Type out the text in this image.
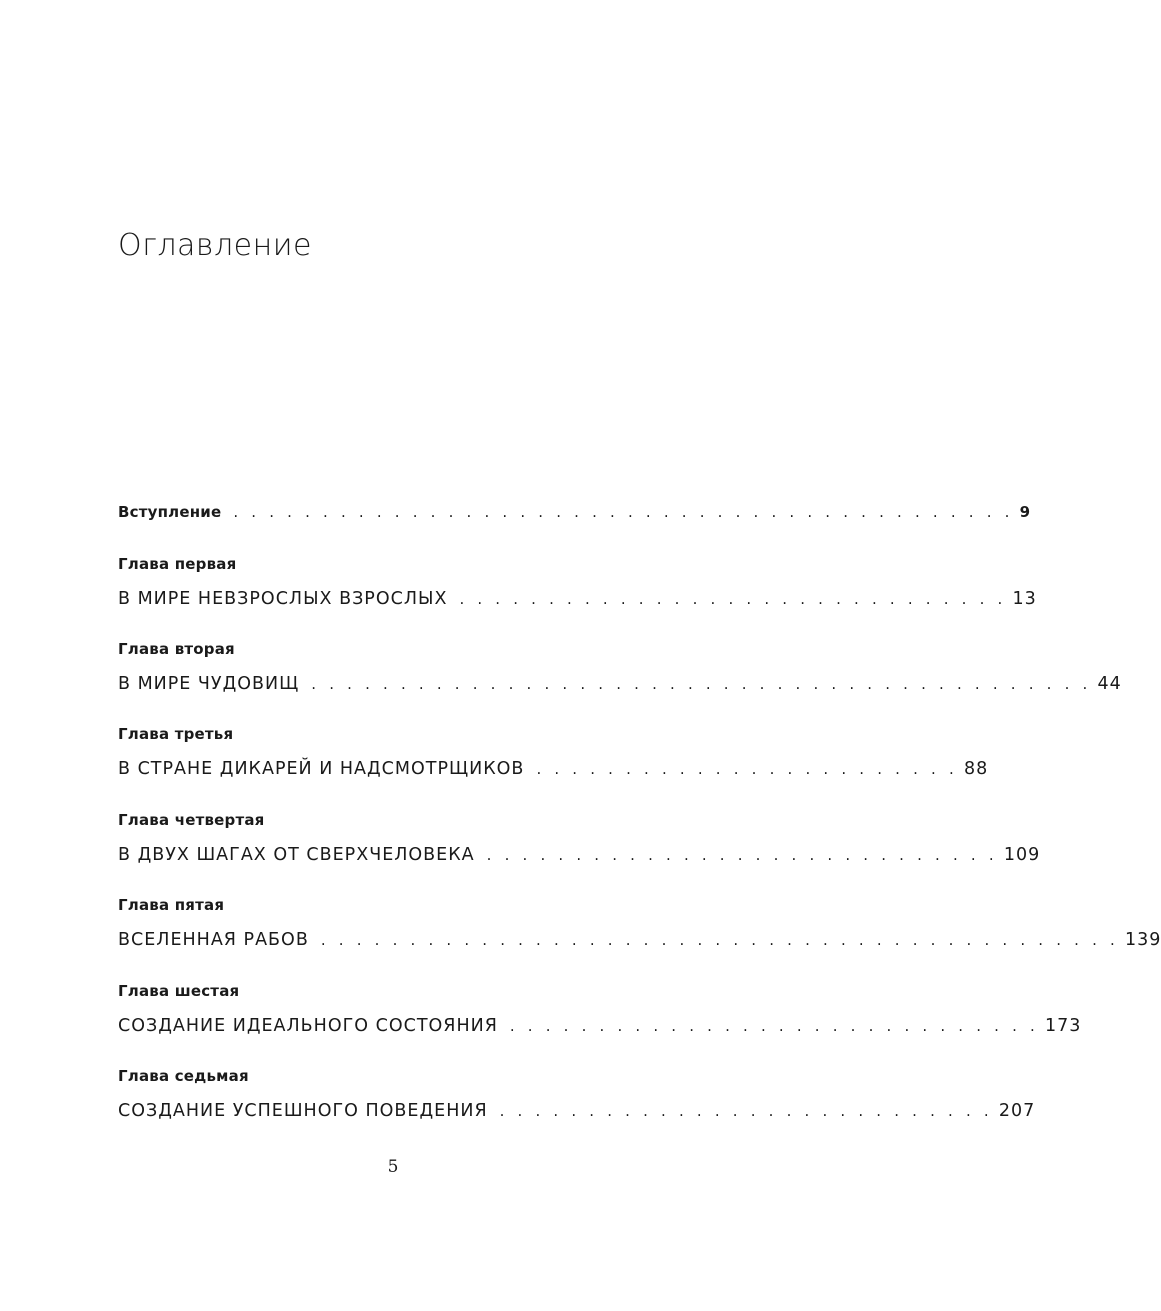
Оглавление
Вступление . . . . . . . . . . . . . . . . . . . . . . . . . . . . . . . . . . . . . . . . . . . . 9
Глава первая
В МИРЕ НЕВЗРОСЛЫХ ВЗРОСЛЫХ . . . . . . . . . . . . . . . . . . . . . . . . . . . . . . . 13
Глава вторая
В МИРЕ ЧУДОВИЩ . . . . . . . . . . . . . . . . . . . . . . . . . . . . . . . . . . . . . . . . . . . . 44
Глава третья
В СТРАНЕ ДИКАРЕЙ И НАДСМОТРЩИКОВ . . . . . . . . . . . . . . . . . . . . . . . . 88
Глава четвертая
В ДВУХ ШАГАХ ОТ СВЕРХЧЕЛОВЕКА . . . . . . . . . . . . . . . . . . . . . . . . . . . . . 109
Глава пятая
ВСЕЛЕННАЯ РАБОВ . . . . . . . . . . . . . . . . . . . . . . . . . . . . . . . . . . . . . . . . . . . . . 139
Глава шестая
СОЗДАНИЕ ИДЕАЛЬНОГО СОСТОЯНИЯ . . . . . . . . . . . . . . . . . . . . . . . . . . . . . . 173
Глава седьмая
СОЗДАНИЕ УСПЕШНОГО ПОВЕДЕНИЯ . . . . . . . . . . . . . . . . . . . . . . . . . . . . 207
5
